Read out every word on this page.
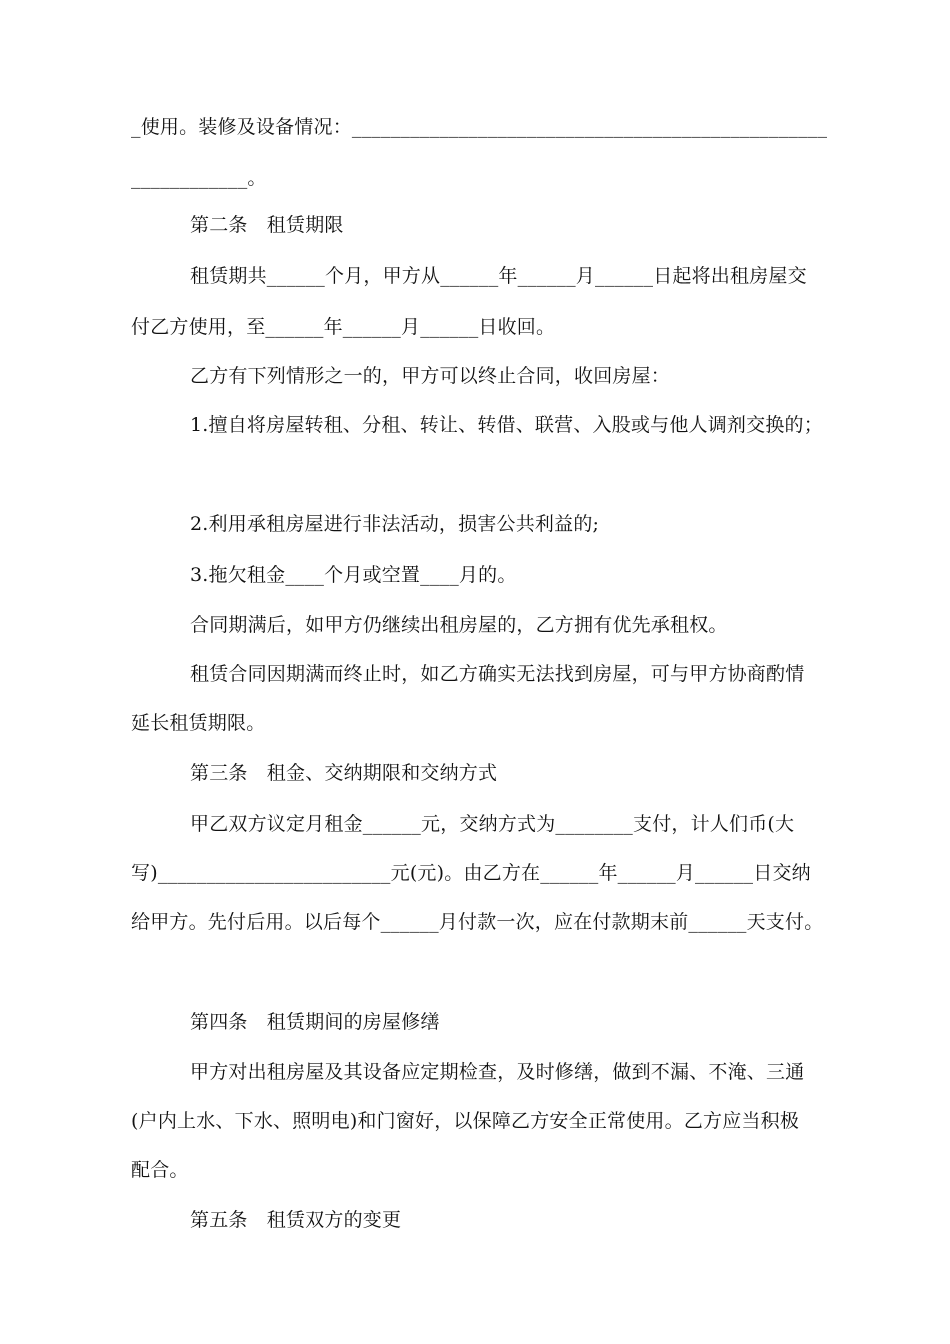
_使用。装修及设备情况：_________________________________________________
____________。
第二条　租赁期限
租赁期共______个月，甲方从______年______月______日起将出租房屋交
付乙方使用，至______年______月______日收回。
乙方有下列情形之一的，甲方可以终止合同，收回房屋：
1.擅自将房屋转租、分租、转让、转借、联营、入股或与他人调剂交换的；
2.利用承租房屋进行非法活动，损害公共利益的;
3.拖欠租金____个月或空置____月的。
合同期满后，如甲方仍继续出租房屋的，乙方拥有优先承租权。
租赁合同因期满而终止时，如乙方确实无法找到房屋，可与甲方协商酌情
延长租赁期限。
第三条　租金、交纳期限和交纳方式
甲乙双方议定月租金______元，交纳方式为________支付，计人们币(大
写)________________________元(元)。由乙方在______年______月______日交纳
给甲方。先付后用。以后每个______月付款一次，应在付款期末前______天支付。
第四条　租赁期间的房屋修缮
甲方对出租房屋及其设备应定期检查，及时修缮，做到不漏、不淹、三通
(户内上水、下水、照明电)和门窗好，以保障乙方安全正常使用。乙方应当积极
配合。
第五条　租赁双方的变更
